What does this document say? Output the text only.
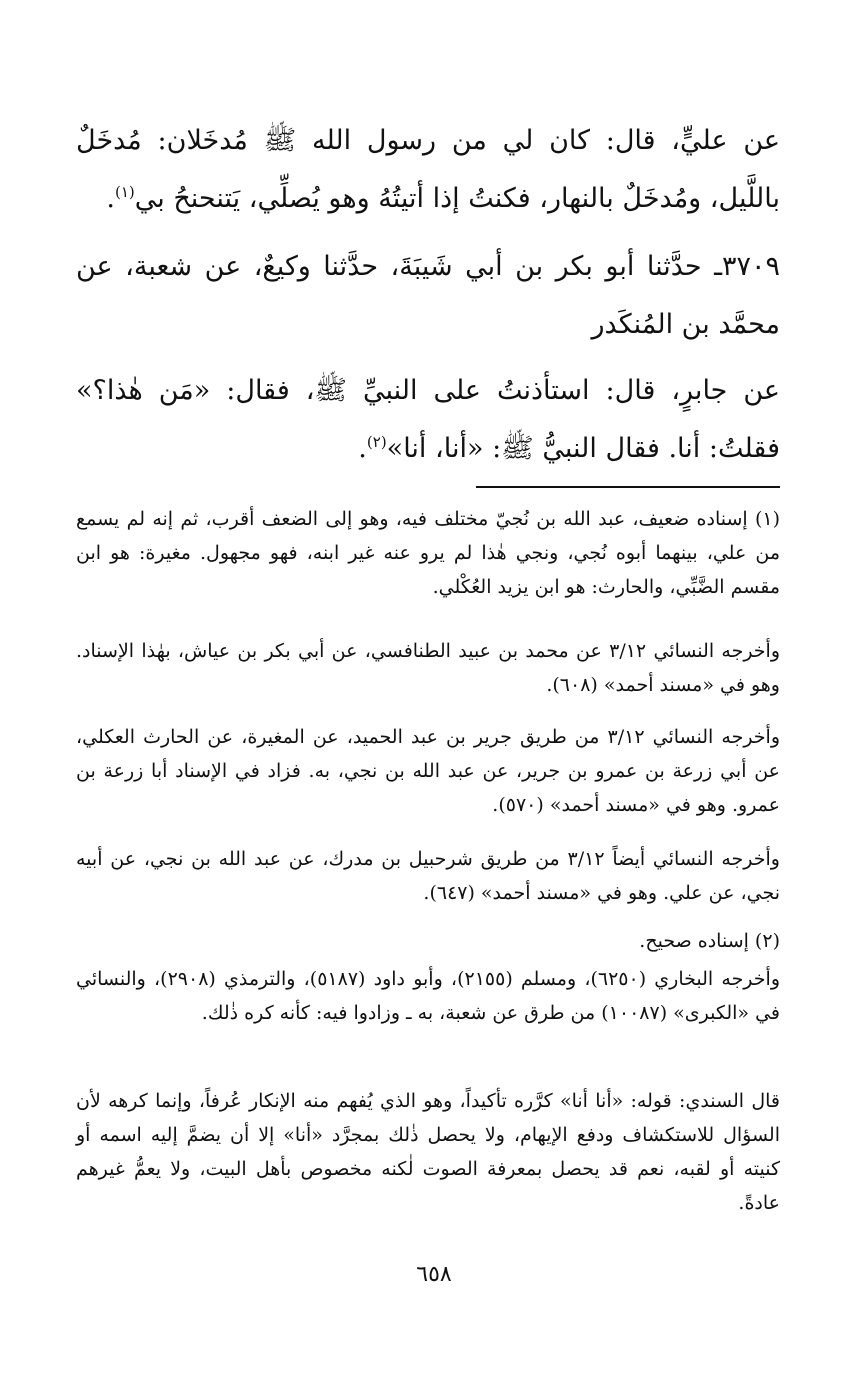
عن عليٍّ، قال: كان لي من رسول الله ﷺ مُدخَلان: مُدخَلٌ باللَّيل، ومُدخَلٌ بالنهار، فكنتُ إذا أتيتُهُ وهو يُصلِّي، يَتنحنحُ بي$^{(١)}$.

٣٧٠٩ـ حدَّثنا أبو بكر بن أبي شَيبَةَ، حدَّثنا وكيعٌ، عن شعبة، عن محمَّد بن المُنكَدر

عن جابرٍ، قال: استأذنتُ على النبيِّ ﷺ، فقال: «مَن هٰذا؟» فقلتُ: أنا. فقال النبيُّ ﷺ: «أنا، أنا»$^{(٢)}$.

(١) إسناده ضعيف، عبد الله بن نُجيّ مختلف فيه، وهو إلى الضعف أقرب، ثم إنه لم يسمع من علي، بينهما أبوه نُجي، ونجي هٰذا لم يرو عنه غير ابنه، فهو مجهول. مغيرة: هو ابن مقسم الضَّبِّي، والحارث: هو ابن يزيد العُكْلي.

وأخرجه النسائي ٣/١٢ عن محمد بن عبيد الطنافسي، عن أبي بكر بن عياش، بهٰذا الإسناد. وهو في «مسند أحمد» (٦٠٨).

وأخرجه النسائي ٣/١٢ من طريق جرير بن عبد الحميد، عن المغيرة، عن الحارث العكلي، عن أبي زرعة بن عمرو بن جرير، عن عبد الله بن نجي، به. فزاد في الإسناد أبا زرعة بن عمرو. وهو في «مسند أحمد» (٥٧٠).

وأخرجه النسائي أيضاً ٣/١٢ من طريق شرحبيل بن مدرك، عن عبد الله بن نجي، عن أبيه نجي، عن علي. وهو في «مسند أحمد» (٦٤٧).

(٢) إسناده صحيح.

وأخرجه البخاري (٦٢٥٠)، ومسلم (٢١٥٥)، وأبو داود (٥١٨٧)، والترمذي (٢٩٠٨)، والنسائي في «الكبرى» (١٠٠٨٧) من طرق عن شعبة، به ـ وزادوا فيه: كأنه كره ذٰلك.

قال السندي: قوله: «أنا أنا» كرَّره تأكيداً، وهو الذي يُفهم منه الإنكار عُرفاً، وإنما كرهه لأن السؤال للاستكشاف ودفع الإيهام، ولا يحصل ذٰلك بمجرَّد «أنا» إلا أن يضمَّ إليه اسمه أو كنيته أو لقبه، نعم قد يحصل بمعرفة الصوت لٰكنه مخصوص بأهل البيت، ولا يعمُّ غيرهم عادةً.

٦٥٨
